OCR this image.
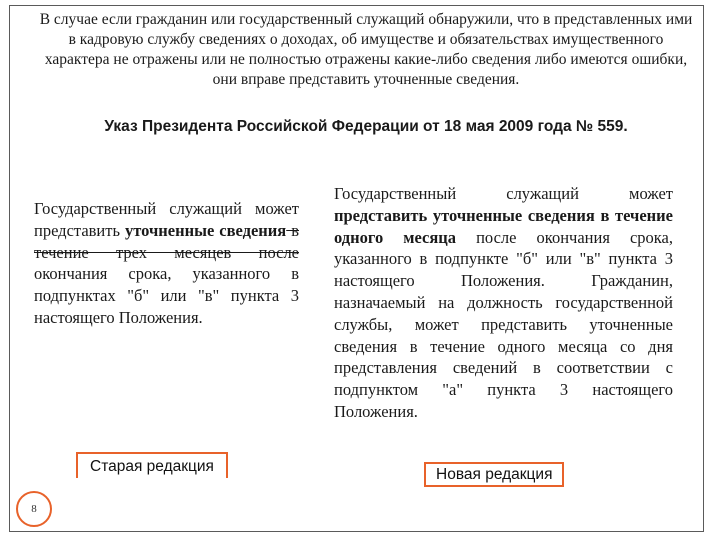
В случае если гражданин или государственный служащий обнаружили, что в представленных ими в кадровую службу сведениях о доходах, об имуществе и обязательствах имущественного характера не отражены или не полностью отражены какие-либо сведения либо имеются ошибки, они вправе представить уточненные сведения.
Указ Президента Российской Федерации от 18 мая 2009 года № 559.
Государственный служащий может представить уточненные сведения в течение трех месяцев после окончания срока, указанного в подпунктах "б" или "в" пункта 3 настоящего Положения.
Государственный служащий может представить уточненные сведения в течение одного месяца после окончания срока, указанного в подпункте "б" или "в" пункта 3 настоящего Положения. Гражданин, назначаемый на должность государственной службы, может представить уточненные сведения в течение одного месяца со дня представления сведений в соответствии с подпунктом "а" пункта 3 настоящего Положения.
Старая редакция	Новая редакция
8
